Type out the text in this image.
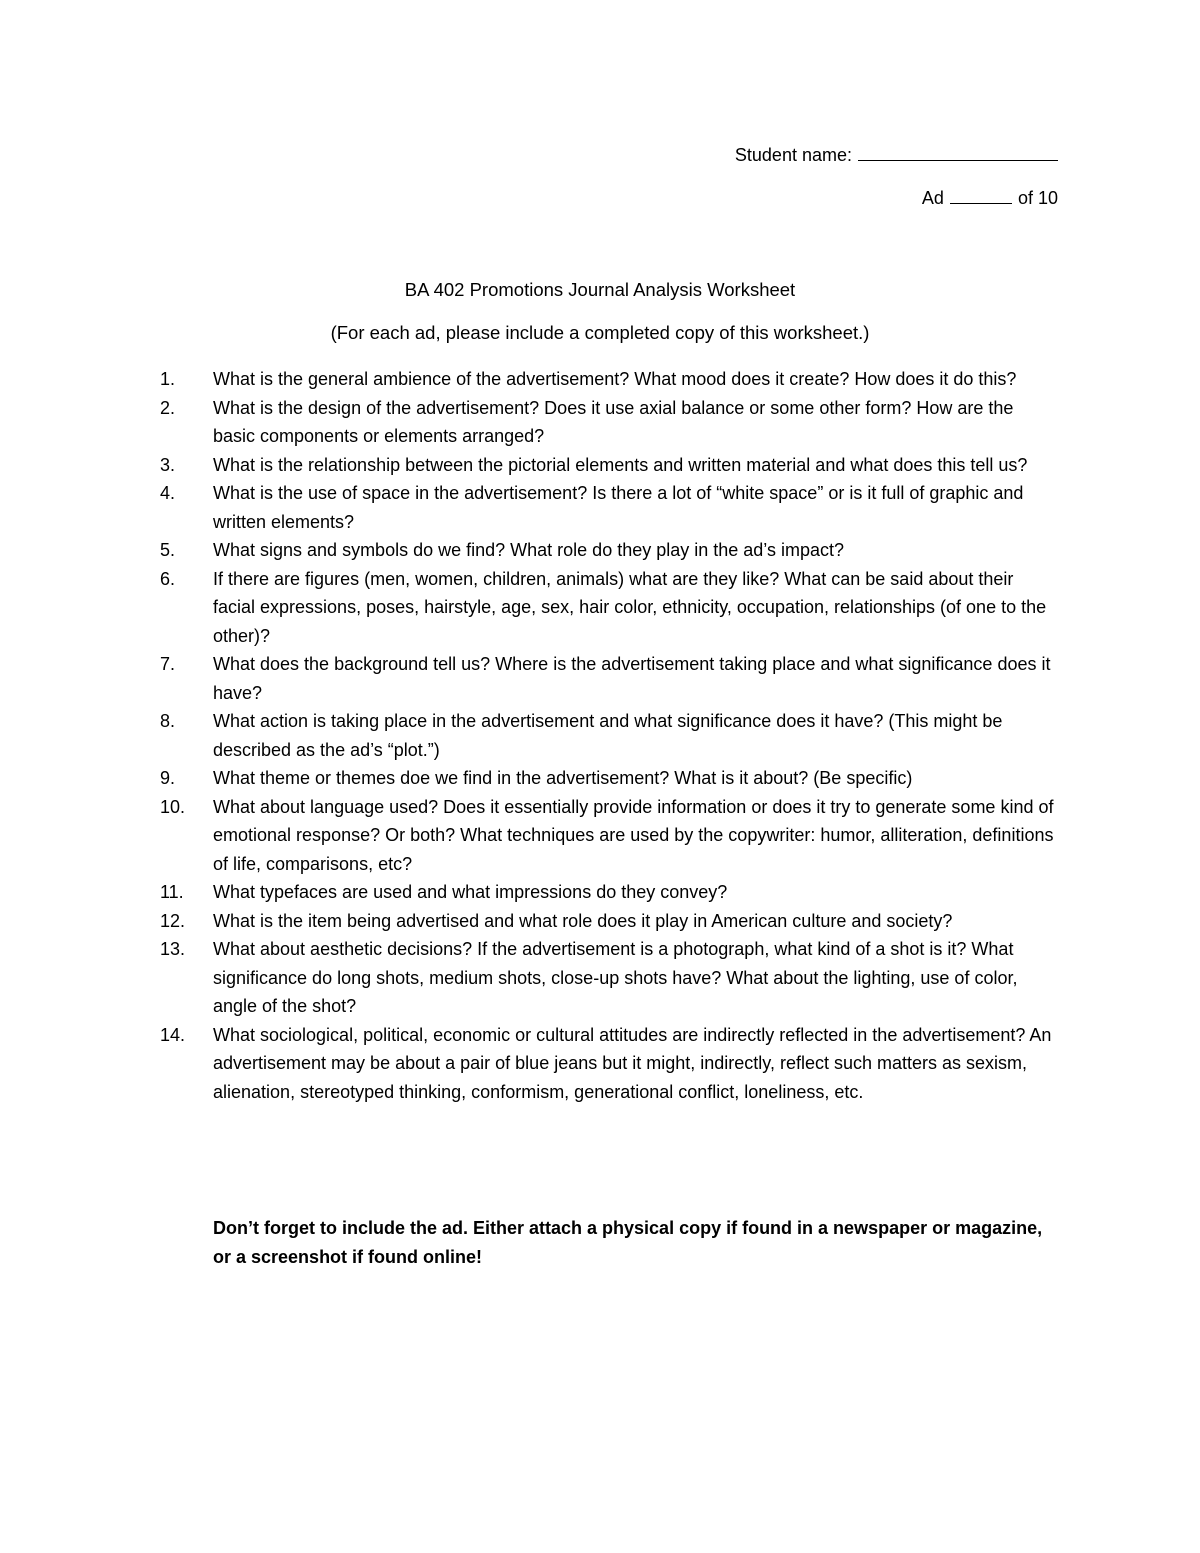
Student name:
Ad	of 10
BA 402 Promotions Journal Analysis Worksheet
(For each ad, please include a completed copy of this worksheet.)
1. What is the general ambience of the advertisement? What mood does it create? How does it do this?
2. What is the design of the advertisement? Does it use axial balance or some other form? How are the basic components or elements arranged?
3. What is the relationship between the pictorial elements and written material and what does this tell us?
4. What is the use of space in the advertisement? Is there a lot of “white space” or is it full of graphic and written elements?
5. What signs and symbols do we find? What role do they play in the ad’s impact?
6. If there are figures (men, women, children, animals) what are they like? What can be said about their facial expressions, poses, hairstyle, age, sex, hair color, ethnicity, occupation, relationships (of one to the other)?
7. What does the background tell us? Where is the advertisement taking place and what significance does it have?
8. What action is taking place in the advertisement and what significance does it have? (This might be described as the ad’s “plot.”)
9. What theme or themes doe we find in the advertisement? What is it about? (Be specific)
10. What about language used? Does it essentially provide information or does it try to generate some kind of emotional response? Or both? What techniques are used by the copywriter: humor, alliteration, definitions of life, comparisons, etc?
11. What typefaces are used and what impressions do they convey?
12. What is the item being advertised and what role does it play in American culture and society?
13. What about aesthetic decisions? If the advertisement is a photograph, what kind of a shot is it? What significance do long shots, medium shots, close-up shots have? What about the lighting, use of color, angle of the shot?
14. What sociological, political, economic or cultural attitudes are indirectly reflected in the advertisement? An advertisement may be about a pair of blue jeans but it might, indirectly, reflect such matters as sexism, alienation, stereotyped thinking, conformism, generational conflict, loneliness, etc.
Don’t forget to include the ad. Either attach a physical copy if found in a newspaper or magazine, or a screenshot if found online!
